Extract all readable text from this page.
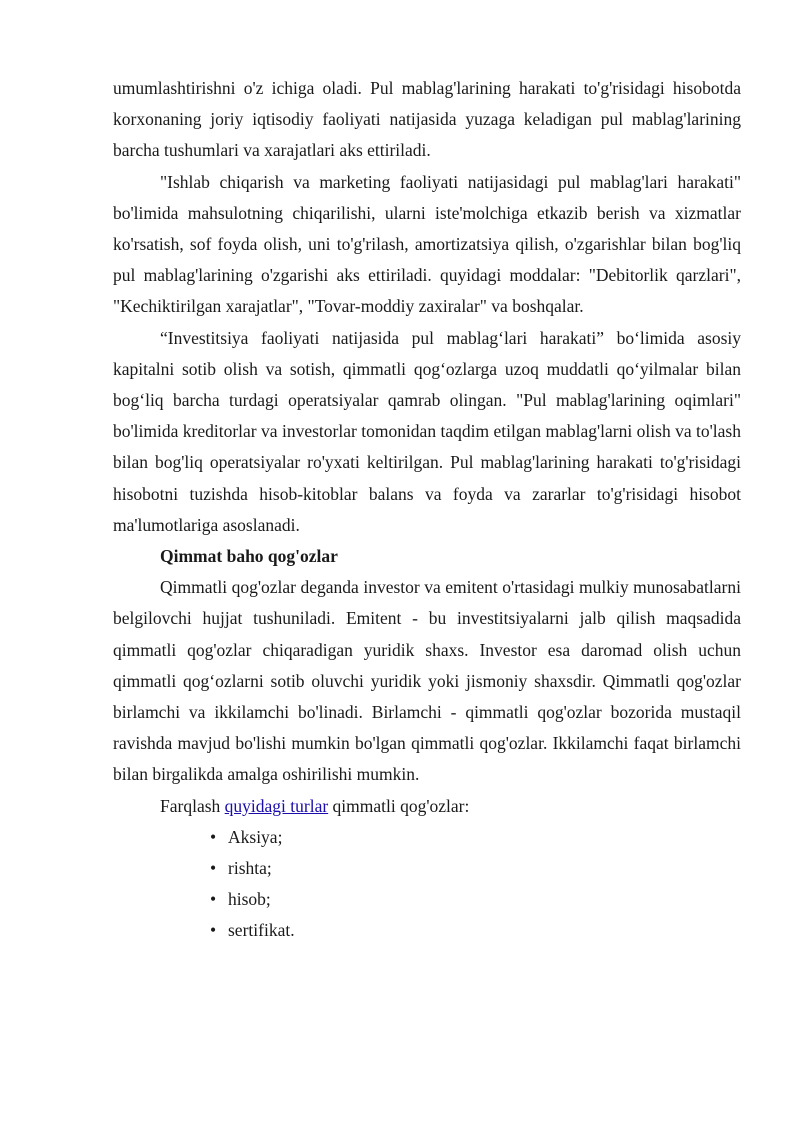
umumlashtirishni o'z ichiga oladi. Pul mablag'larining harakati to'g'risidagi hisobotda korxonaning joriy iqtisodiy faoliyati natijasida yuzaga keladigan pul mablag'larining barcha tushumlari va xarajatlari aks ettiriladi.

"Ishlab chiqarish va marketing faoliyati natijasidagi pul mablag'lari harakati" bo'limida mahsulotning chiqarilishi, ularni iste'molchiga etkazib berish va xizmatlar ko'rsatish, sof foyda olish, uni to'g'rilash, amortizatsiya qilish, o'zgarishlar bilan bog'liq pul mablag'larining o'zgarishi aks ettiriladi. quyidagi moddalar: "Debitorlik qarzlari", "Kechiktirilgan xarajatlar", "Tovar-moddiy zaxiralar" va boshqalar.

“Investitsiya faoliyati natijasida pul mablag‘lari harakati” bo‘limida asosiy kapitalni sotib olish va sotish, qimmatli qog‘ozlarga uzoq muddatli qo‘yilmalar bilan bog‘liq barcha turdagi operatsiyalar qamrab olingan. "Pul mablag'larining oqimlari" bo'limida kreditorlar va investorlar tomonidan taqdim etilgan mablag'larni olish va to'lash bilan bog'liq operatsiyalar ro'yxati keltirilgan. Pul mablag'larining harakati to'g'risidagi hisobotni tuzishda hisob-kitoblar balans va foyda va zararlar to'g'risidagi hisobot ma'lumotlariga asoslanadi.

Qimmat baho qog'ozlar

Qimmatli qog'ozlar deganda investor va emitent o'rtasidagi mulkiy munosabatlarni belgilovchi hujjat tushuniladi. Emitent - bu investitsiyalarni jalb qilish maqsadida qimmatli qog'ozlar chiqaradigan yuridik shaxs. Investor esa daromad olish uchun qimmatli qog‘ozlarni sotib oluvchi yuridik yoki jismoniy shaxsdir. Qimmatli qog'ozlar birlamchi va ikkilamchi bo'linadi. Birlamchi - qimmatli qog'ozlar bozorida mustaqil ravishda mavjud bo'lishi mumkin bo'lgan qimmatli qog'ozlar. Ikkilamchi faqat birlamchi bilan birgalikda amalga oshirilishi mumkin.

Farqlash quyidagi turlar qimmatli qog'ozlar:

• Aksiya;
• rishta;
• hisob;
• sertifikat.
